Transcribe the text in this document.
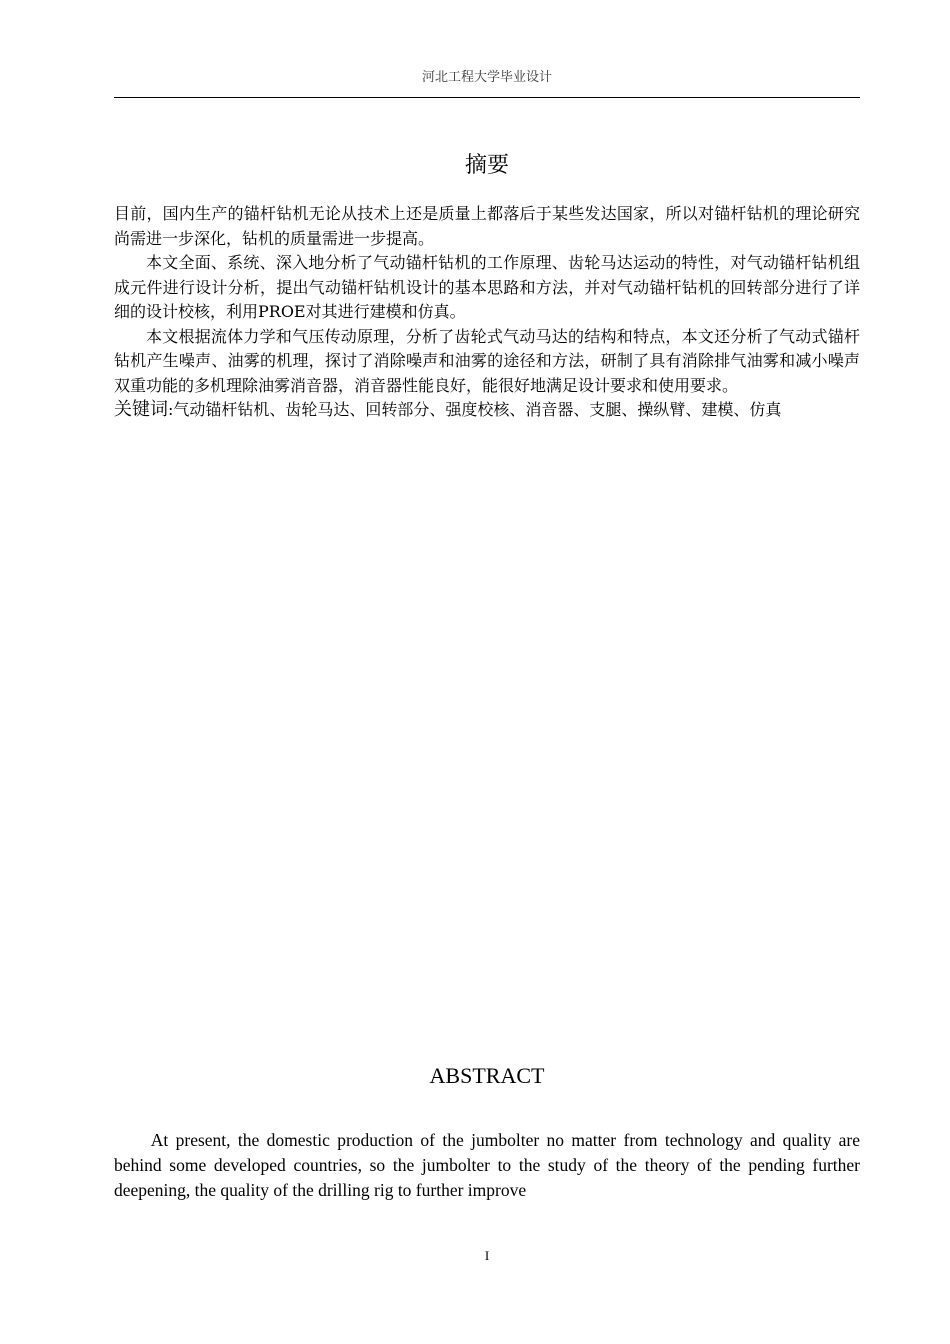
河北工程大学毕业设计
摘要

目前，国内生产的锚杆钻机无论从技术上还是质量上都落后于某些发达国家，所以对锚杆钻机的理论研究尚需进一步深化，钻机的质量需进一步提高。

本文全面、系统、深入地分析了气动锚杆钻机的工作原理、齿轮马达运动的特性，对气动锚杆钻机组成元件进行设计分析，提出气动锚杆钻机设计的基本思路和方法，并对气动锚杆钻机的回转部分进行了详细的设计校核，利用PROE对其进行建模和仿真。

本文根据流体力学和气压传动原理，分析了齿轮式气动马达的结构和特点，本文还分析了气动式锚杆钻机产生噪声、油雾的机理，探讨了消除噪声和油雾的途径和方法，研制了具有消除排气油雾和减小噪声双重功能的多机理除油雾消音器，消音器性能良好，能很好地满足设计要求和使用要求。

关键词:气动锚杆钻机、齿轮马达、回转部分、强度校核、消音器、支腿、操纵臂、建模、仿真

ABSTRACT

At present, the domestic production of the jumbolter no matter from technology and quality are behind some developed countries, so the jumbolter to the study of the theory of the pending further deepening, the quality of the drilling rig to further improve

I
